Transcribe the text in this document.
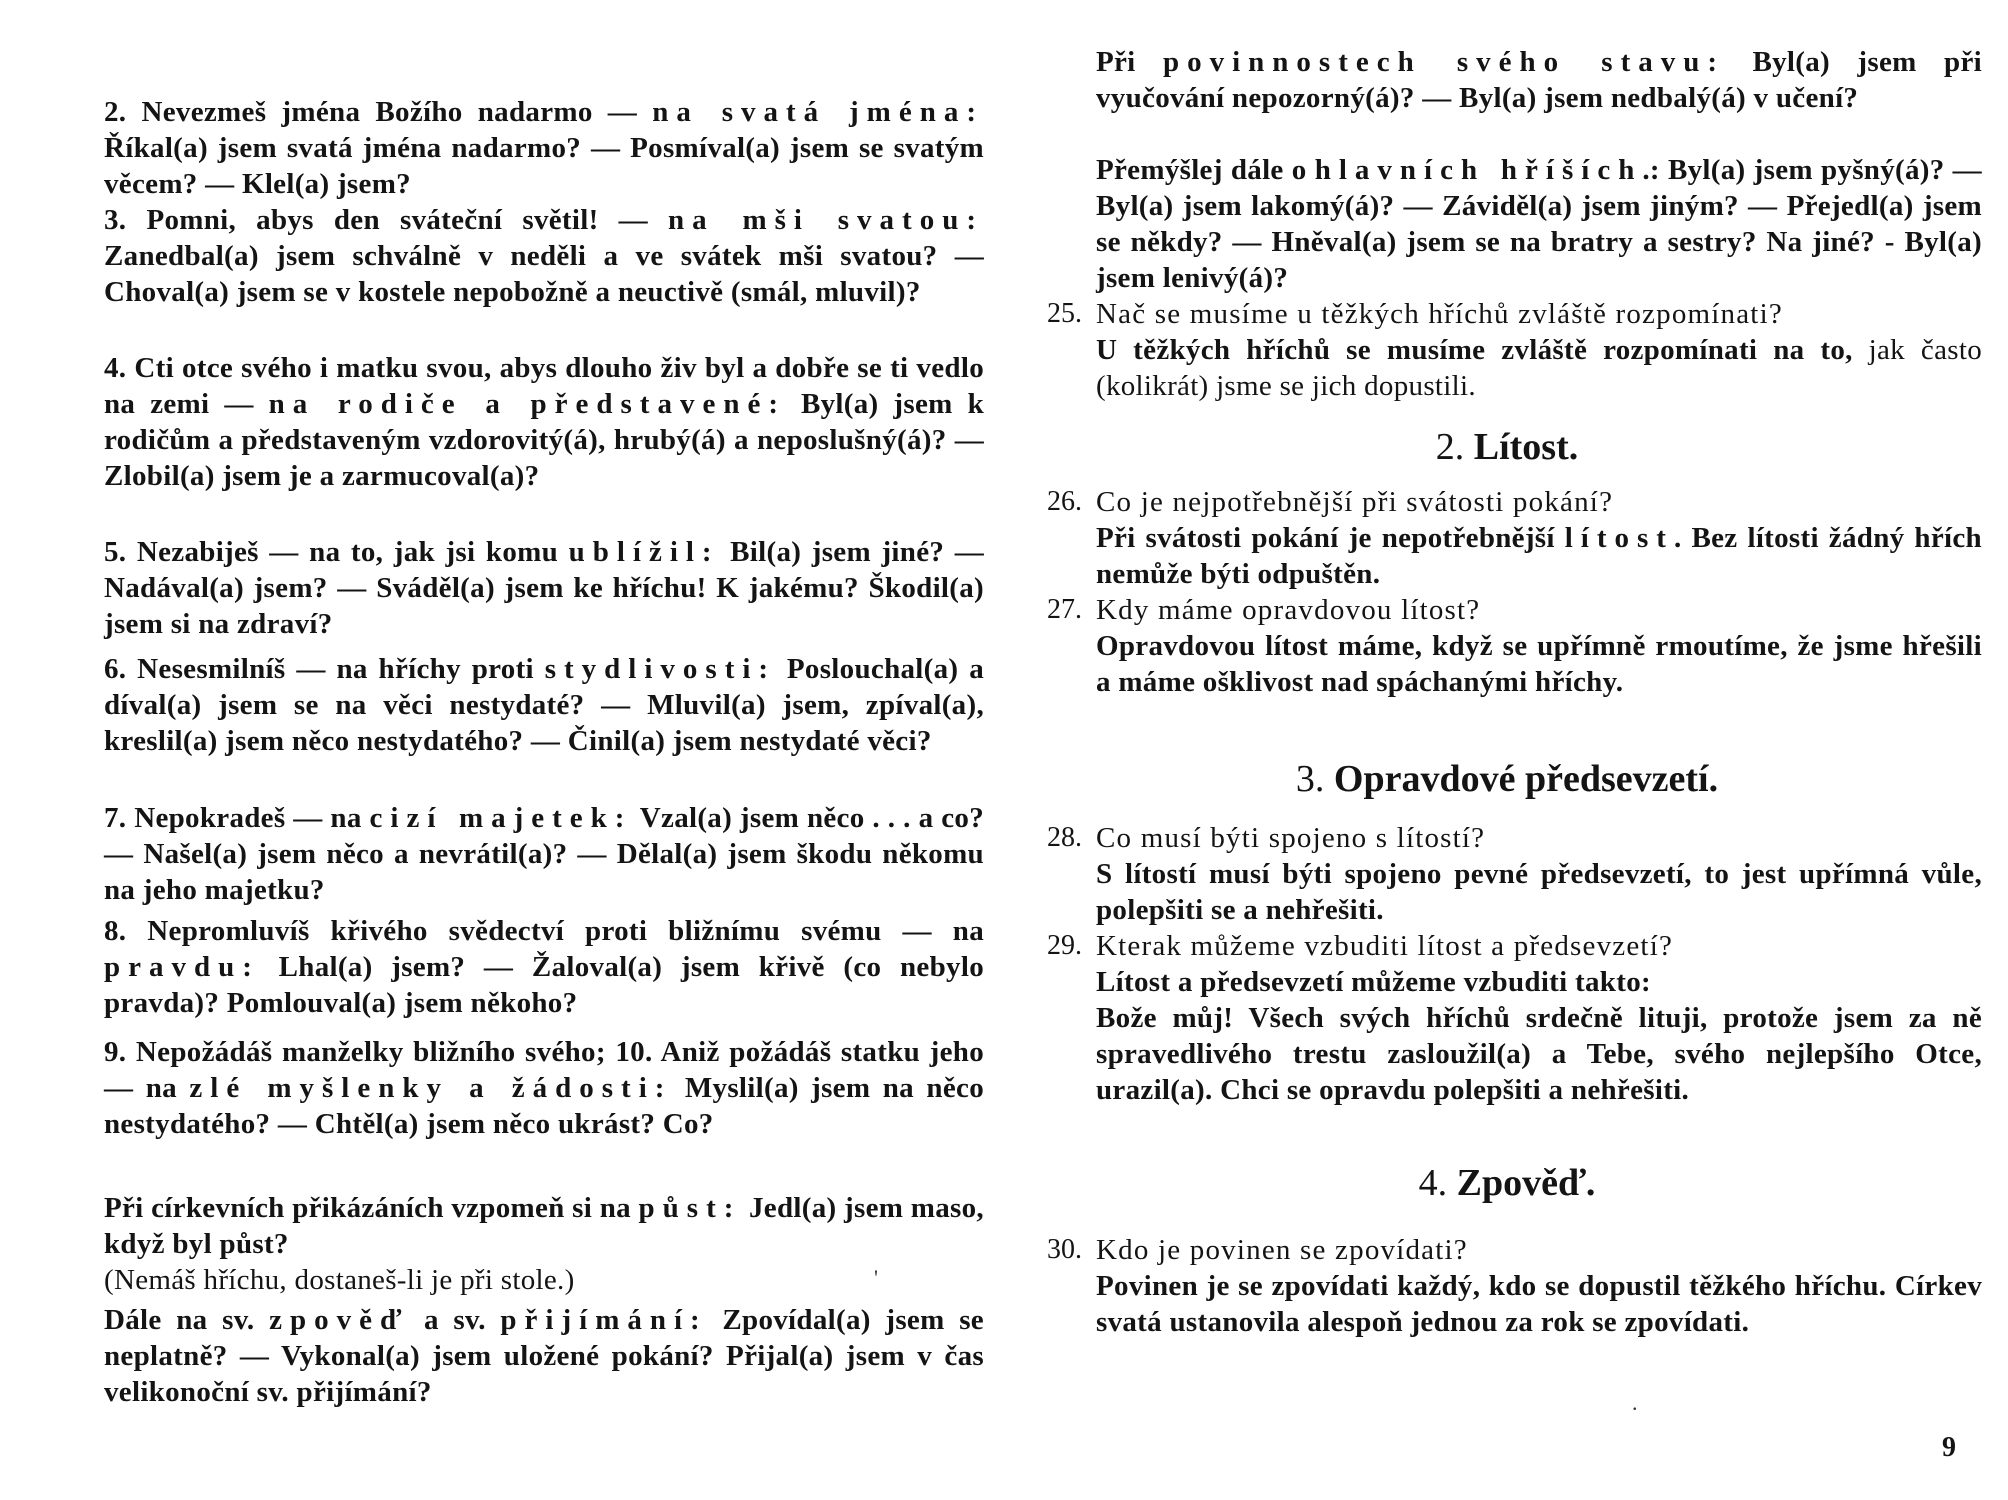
2. Nevezmeš jména Božího nadarmo — na svatá jména: Říkal(a) jsem svatá jména nadarmo? — Posmíval(a) jsem se svatým věcem? — Klel(a) jsem?

3. Pomni, abys den sváteční světil! — na mši svatou: Zanedbal(a) jsem schválně v neděli a ve svátek mši svatou? — Choval(a) jsem se v kostele nepobožně a neuctivě (smál, mluvil)?

4. Cti otce svého i matku svou, abys dlouho živ byl a dobře se ti vedlo na zemi — na rodiče a představené: Byl(a) jsem k rodičům a představeným vzdorovitý(á), hrubý(á) a neposlušný(á)? — Zlobil(a) jsem je a zarmucoval(a)?

5. Nezabiješ — na to, jak jsi komu ublížil: Bil(a) jsem jiné? — Nadával(a) jsem? — Sváděl(a) jsem ke hříchu! K jakému? Škodil(a) jsem si na zdraví?

6. Nesesmilníš — na hříchy proti stydlivosti: Poslouchal(a) a díval(a) jsem se na věci nestydaté? — Mluvil(a) jsem, zpíval(a), kreslil(a) jsem něco nestydatého? — Činil(a) jsem nestydaté věci?

7. Nepokradeš — na cizí majetek: Vzal(a) jsem něco . . . a co? — Našel(a) jsem něco a nevrátil(a)? — Dělal(a) jsem škodu někomu na jeho majetku?

8. Nepromluvíš křivého svědectví proti bližnímu svému — na pravdu: Lhal(a) jsem? — Žaloval(a) jsem křivě (co nebylo pravda)? Pomlouval(a) jsem někoho?

9. Nepožádáš manželky bližního svého; 10. Aniž požádáš statku jeho — na zlé myšlenky a žádosti: Myslil(a) jsem na něco nestydatého? — Chtěl(a) jsem něco ukrást? Co?

Při církevních přikázáních vzpomeň si na půst: Jedl(a) jsem maso, když byl půst?

(Nemáš hříchu, dostaneš-li je při stole.)	'

Dále na sv. zpověď a sv. přijímání: Zpovídal(a) jsem se neplatně? — Vykonal(a) jsem uložené pokání? Přijal(a) jsem v čas velikonoční sv. přijímání?

Při povinnostech svého stavu: Byl(a) jsem při vyučování nepozorný(á)? — Byl(a) jsem nedbalý(á) v učení?

Přemýšlej dále o hlavních hříších.: Byl(a) jsem pyšný(á)? — Byl(a) jsem lakomý(á)? — Záviděl(a) jsem jiným? — Přejedl(a) jsem se někdy? — Hněval(a) jsem se na bratry a sestry? Na jiné? - Byl(a) jsem lenivý(á)?

25. Nač se musíme u těžkých hříchů zvláště rozpomínati?

U těžkých hříchů se musíme zvláště rozpomínati na to, jak často (kolikrát) jsme se jich dopustili.

2. Lítost.
26. Co je nejpotřebnější při svátosti pokání?

Při svátosti pokání je nepotřebnější lítost. Bez lítosti žádný hřích nemůže býti odpuštěn.

27. Kdy máme opravdovou lítost?

Opravdovou lítost máme, když se upřímně rmoutíme, že jsme hřešili a máme ošklivost nad spáchanými hříchy.

3. Opravdové předsevzetí.
28. Co musí býti spojeno s lítostí?

S lítostí musí býti spojeno pevné předsevzetí, to jest upřímná vůle, polepšiti se a nehřešiti.

29. Kterak můžeme vzbuditi lítost a předsevzetí?

Lítost a předsevzetí můžeme vzbuditi takto:

Bože můj! Všech svých hříchů srdečně lituji, protože jsem za ně spravedlivého trestu zasloužil(a) a Tebe, svého nejlepšího Otce, urazil(a). Chci se opravdu polepšiti a nehřešiti.

4. Zpověď.
30. Kdo je povinen se zpovídati?

Povinen je se zpovídati každý, kdo se dopustil těžkého hříchu. Církev svatá ustanovila alespoň jednou za rok se zpovídati.

.
9
